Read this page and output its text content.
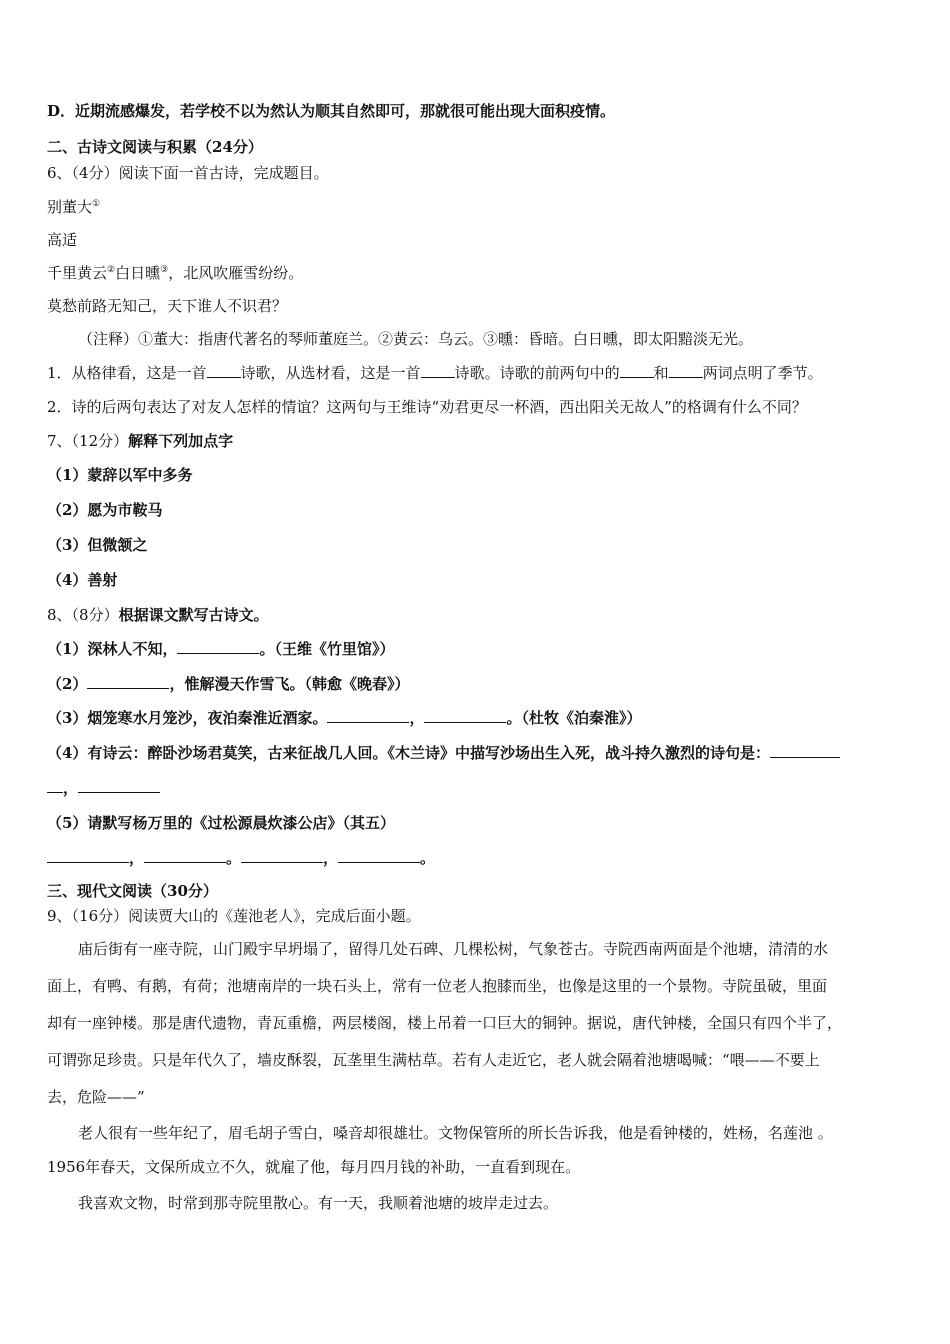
D．近期流感爆发，若学校不以为然认为顺其自然即可，那就很可能出现大面积疫情。
二、古诗文阅读与积累（24分）
6、（4分）阅读下面一首古诗，完成题目。
别董大①
高适
千里黄云②白日曛③，北风吹雁雪纷纷。
莫愁前路无知己，天下谁人不识君？
（注释）①董大：指唐代著名的琴师董庭兰。②黄云：乌云。③曛：昏暗。白日曛，即太阳黯淡无光。
1．从格律看，这是一首 诗歌，从选材看，这是一首 诗歌。诗歌的前两句中的 和 两词点明了季节。
2．诗的后两句表达了对友人怎样的情谊？这两句与王维诗“劝君更尽一杯酒，西出阳关无故人”的格调有什么不同？
7、（12分）解释下列加点字
（1）蒙辞以军中多务
（2）愿为市鞍马
（3）但微颔之
（4）善射
8、（8分）根据课文默写古诗文。
（1）深林人不知，	。（王维《竹里馆》）
（2）	，惟解漫天作雪飞。（韩愈《晚春》）
（3）烟笼寒水月笼沙，夜泊秦淮近酒家。	，	。（杜牧《泊秦淮》）
（4）有诗云：醉卧沙场君莫笑，古来征战几人回。《木兰诗》中描写沙场出生入死，战斗持久激烈的诗句是：
，
（5）请默写杨万里的《过松源晨炊漆公店》（其五）
，	。	，	。
三、现代文阅读（30分）
9、（16分）阅读贾大山的《莲池老人》，完成后面小题。
庙后街有一座寺院，山门殿宇早坍塌了，留得几处石碑、几棵松树，气象苍古。寺院西南两面是个池塘，清清的水
面上，有鸭、有鹅，有荷；池塘南岸的一块石头上，常有一位老人抱膝而坐，也像是这里的一个景物。寺院虽破，里面
却有一座钟楼。那是唐代遗物，青瓦重檐，两层楼阁，楼上吊着一口巨大的铜钟。据说，唐代钟楼，全国只有四个半了，
可谓弥足珍贵。只是年代久了，墙皮酥裂，瓦垄里生满枯草。若有人走近它，老人就会隔着池塘喝喊：“喂——不要上
去，危险——”
老人很有一些年纪了，眉毛胡子雪白，嗓音却很雄壮。文物保管所的所长告诉我，他是看钟楼的，姓杨，名莲池 。
1956年春天，文保所成立不久，就雇了他，每月四月钱的补助，一直看到现在。
我喜欢文物，时常到那寺院里散心。有一天，我顺着池塘的坡岸走过去。
